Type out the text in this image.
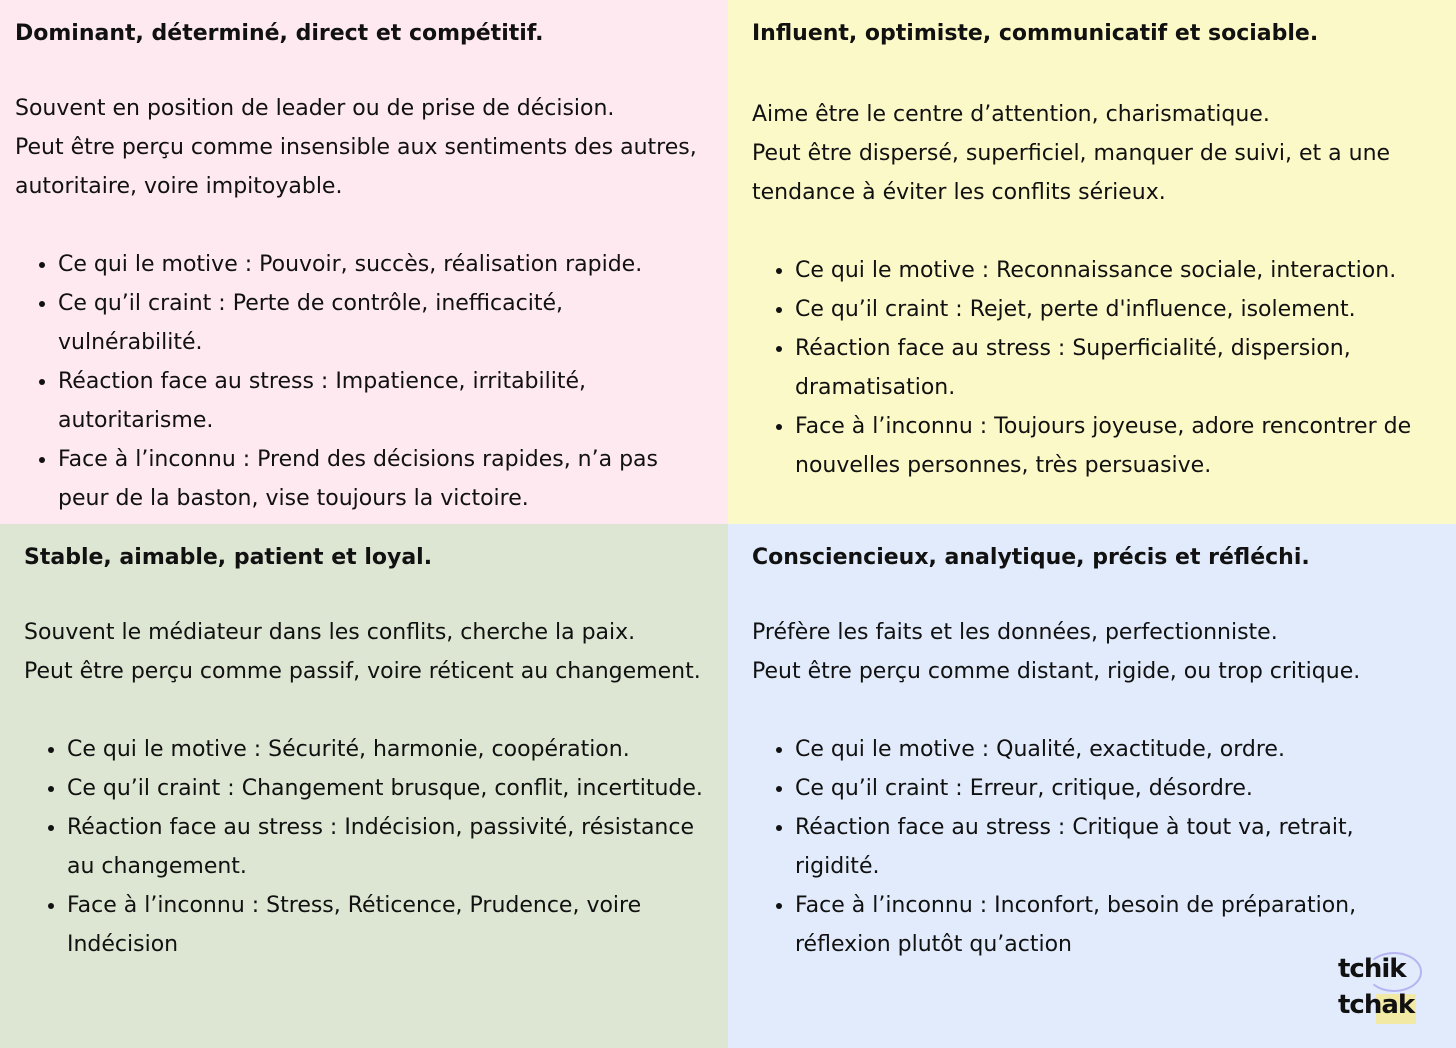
Dominant, déterminé, direct et compétitif.

Souvent en position de leader ou de prise de décision.
Peut être perçu comme insensible aux sentiments des autres, autoritaire, voire impitoyable.

• Ce qui le motive : Pouvoir, succès, réalisation rapide.
• Ce qu’il craint : Perte de contrôle, inefficacité, vulnérabilité.
• Réaction face au stress : Impatience, irritabilité, autoritarisme.
• Face à l’inconnu : Prend des décisions rapides, n’a pas peur de la baston, vise toujours la victoire.

Influent, optimiste, communicatif et sociable.

Aime être le centre d’attention, charismatique.
Peut être dispersé, superficiel, manquer de suivi, et a une tendance à éviter les conflits sérieux.

• Ce qui le motive : Reconnaissance sociale, interaction.
• Ce qu’il craint : Rejet, perte d'influence, isolement.
• Réaction face au stress : Superficialité, dispersion, dramatisation.
• Face à l’inconnu : Toujours joyeuse, adore rencontrer de nouvelles personnes, très persuasive.

Stable, aimable, patient et loyal.

Souvent le médiateur dans les conflits, cherche la paix.
Peut être perçu comme passif, voire réticent au changement.

• Ce qui le motive : Sécurité, harmonie, coopération.
• Ce qu’il craint : Changement brusque, conflit, incertitude.
• Réaction face au stress : Indécision, passivité, résistance au changement.
• Face à l’inconnu : Stress, Réticence, Prudence, voire Indécision

Consciencieux, analytique, précis et réfléchi.

Préfère les faits et les données, perfectionniste.
Peut être perçu comme distant, rigide, ou trop critique.

• Ce qui le motive : Qualité, exactitude, ordre.
• Ce qu’il craint : Erreur, critique, désordre.
• Réaction face au stress : Critique à tout va, retrait, rigidité.
• Face à l’inconnu : Inconfort, besoin de préparation, réflexion plutôt qu’action
tchik
tchak
